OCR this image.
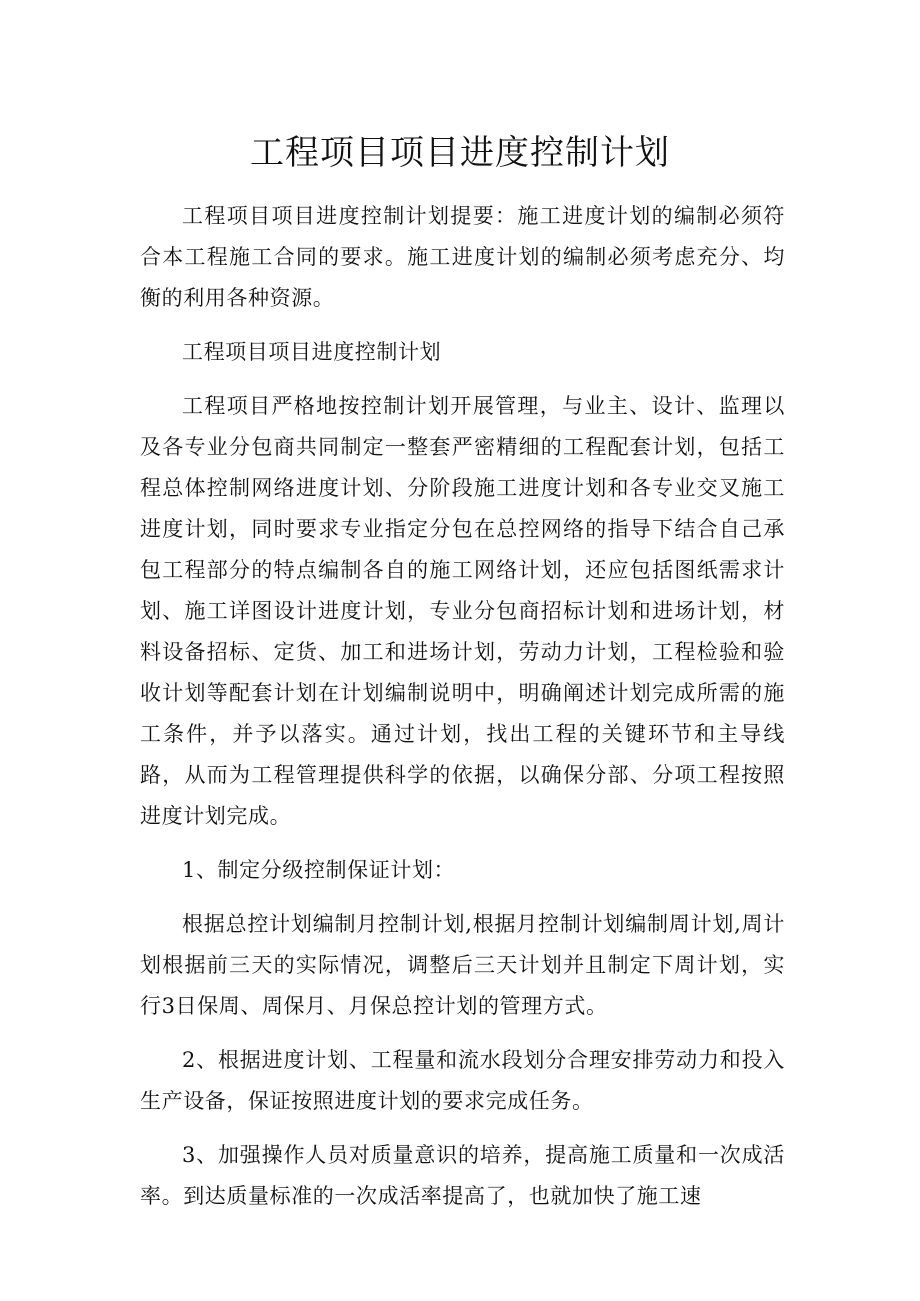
工程项目项目进度控制计划

工程项目项目进度控制计划提要：施工进度计划的编制必须符合本工程施工合同的要求。施工进度计划的编制必须考虑充分、均衡的利用各种资源。

工程项目项目进度控制计划

工程项目严格地按控制计划开展管理，与业主、设计、监理以及各专业分包商共同制定一整套严密精细的工程配套计划，包括工程总体控制网络进度计划、分阶段施工进度计划和各专业交叉施工进度计划，同时要求专业指定分包在总控网络的指导下结合自己承包工程部分的特点编制各自的施工网络计划，还应包括图纸需求计划、施工详图设计进度计划，专业分包商招标计划和进场计划，材料设备招标、定货、加工和进场计划，劳动力计划，工程检验和验收计划等配套计划在计划编制说明中，明确阐述计划完成所需的施工条件，并予以落实。通过计划，找出工程的关键环节和主导线路，从而为工程管理提供科学的依据，以确保分部、分项工程按照进度计划完成。

1、制定分级控制保证计划：

根据总控计划编制月控制计划,根据月控制计划编制周计划,周计划根据前三天的实际情况，调整后三天计划并且制定下周计划，实行3日保周、周保月、月保总控计划的管理方式。

2、根据进度计划、工程量和流水段划分合理安排劳动力和投入生产设备，保证按照进度计划的要求完成任务。

3、加强操作人员对质量意识的培养，提高施工质量和一次成活率。到达质量标准的一次成活率提高了，也就加快了施工速
